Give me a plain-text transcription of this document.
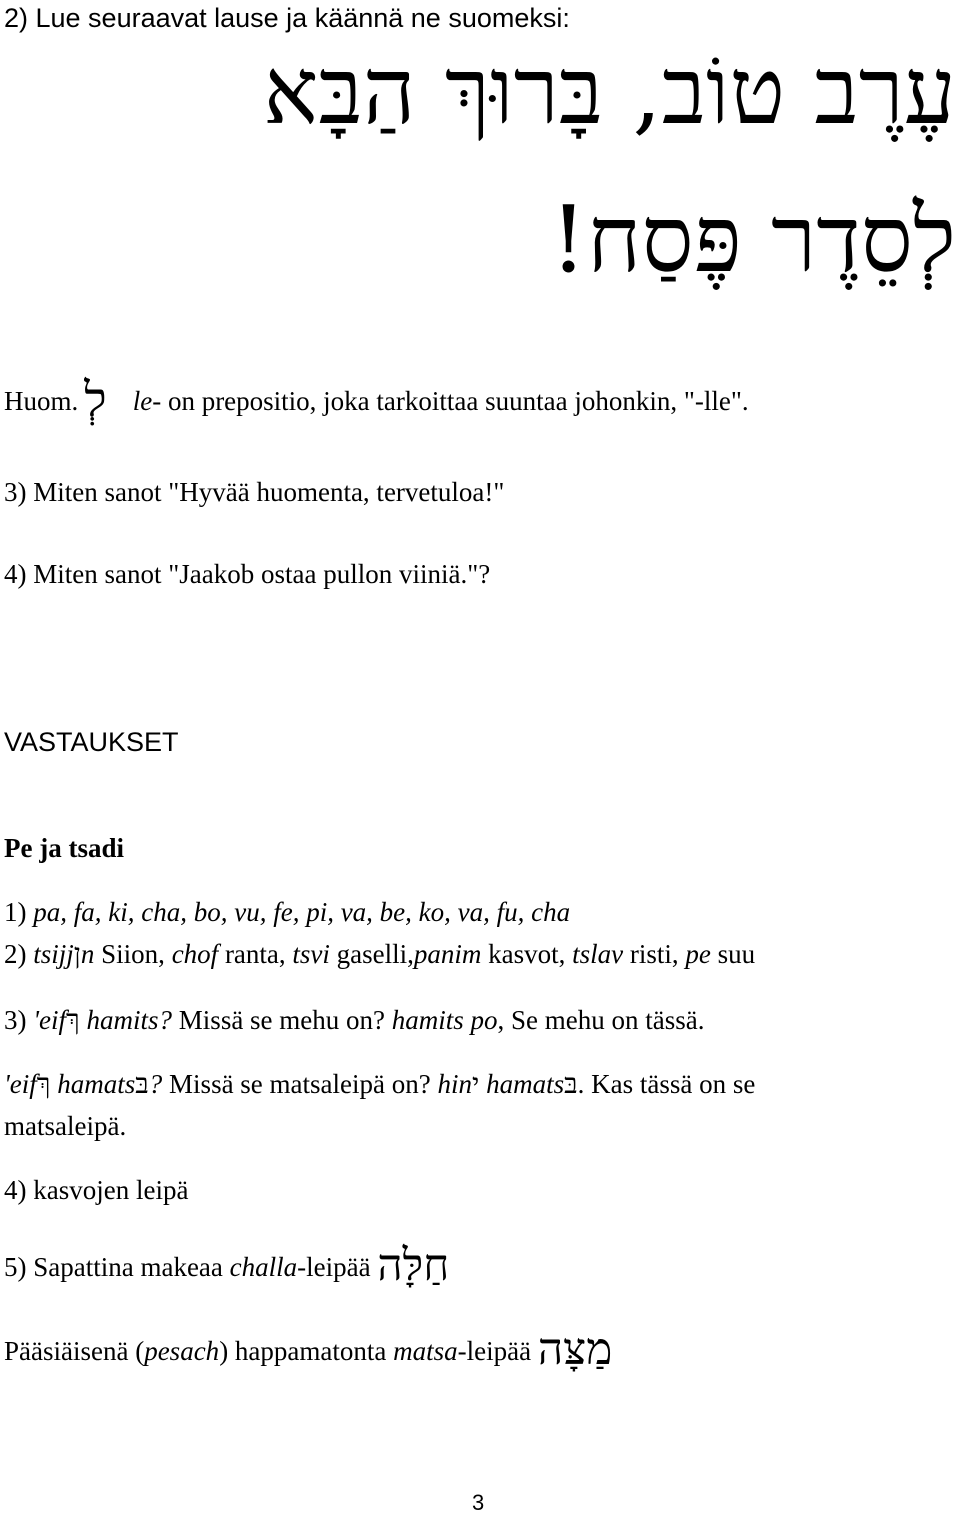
2) Lue seuraavat lause ja käännä ne suomeksi:
עֶרֶב טוֹב, בָּרוּךְ הַבָּא
לְסֵדֶר פֶּסַח!
Huom. לְ le- on prepositio, joka tarkoittaa suuntaa johonkin, "-lle".
3) Miten sanot "Hyvää huomenta, tervetuloa!"
4) Miten sanot "Jaakob ostaa pullon viiniä."?
VASTAUKSET
Pe ja tsadi
1) pa, fa, ki, cha, bo, vu, fe, pi, va, be, ko, va, fu, cha
2) tsijjןn Siion, chof ranta, tsvi gaselli,panim kasvot, tslav risti, pe suu
3) 'eifךְ hamits? Missä se mehu on? hamits po, Se mehu on tässä.
'eifךְ hamatsבּ? Missä se matsaleipä on? hinי hamatsבּ. Kas tässä on se
matsaleipä.
4) kasvojen leipä
5) Sapattina makeaa challa-leipää חַלָּה
Pääsiäisenä (pesach) happamatonta matsa-leipää מַצָּה
3
